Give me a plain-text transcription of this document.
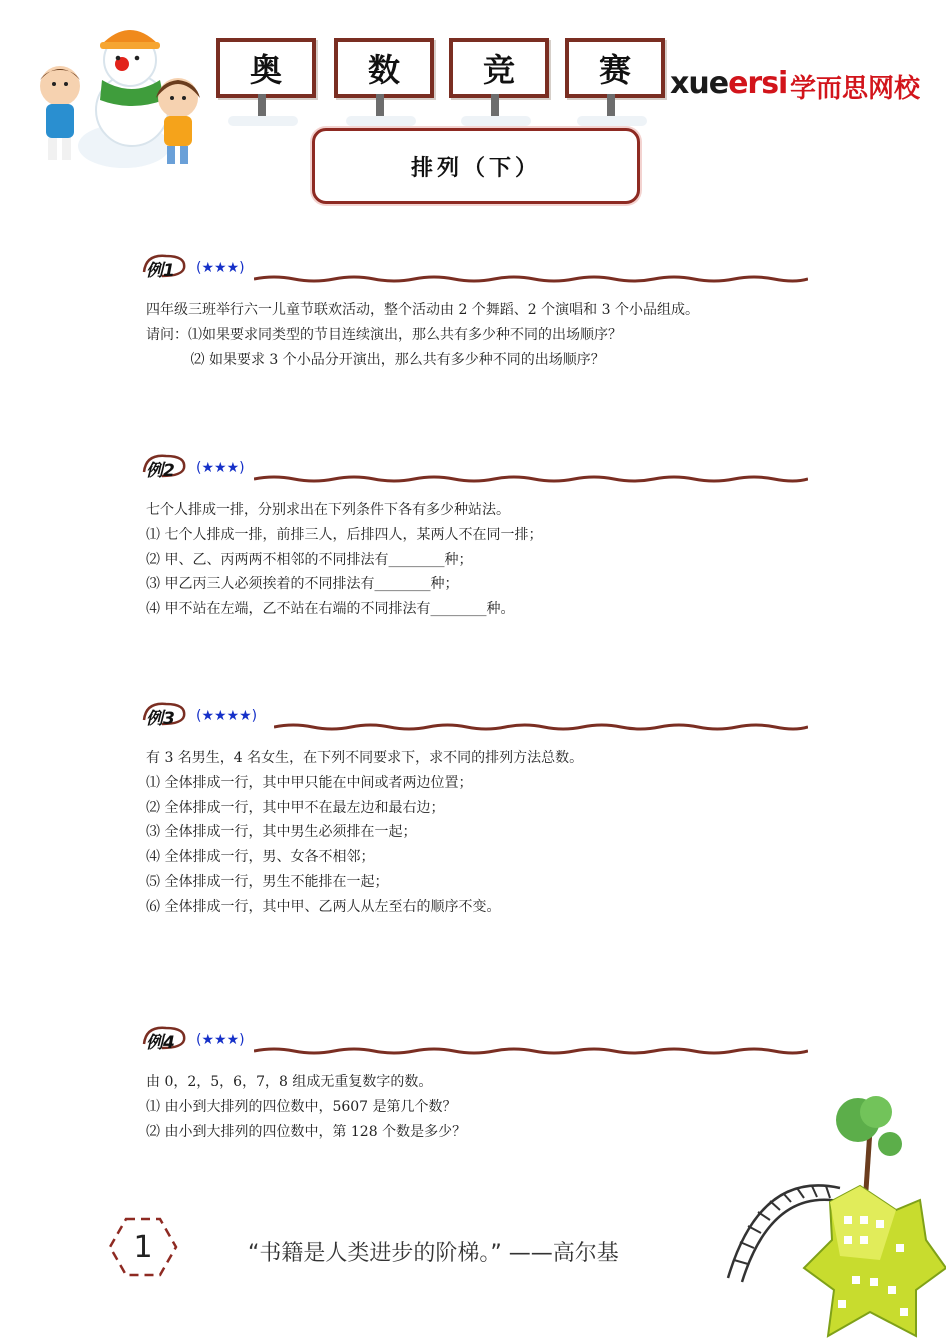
奥	数	竞	赛	xueersi 学而思网校
排列（下）
例1 (★★★)

四年级三班举行六一儿童节联欢活动，整个活动由 2 个舞蹈、2 个演唱和 3 个小品组成。

请问：⑴如果要求同类型的节目连续演出，那么共有多少种不同的出场顺序？

⑵ 如果要求 3 个小品分开演出，那么共有多少种不同的出场顺序？

例2 (★★★)

七个人排成一排，分别求出在下列条件下各有多少种站法。

⑴ 七个人排成一排，前排三人，后排四人，某两人不在同一排；

⑵ 甲、乙、丙两两不相邻的不同排法有________种；

⑶ 甲乙丙三人必须挨着的不同排法有________种；

⑷ 甲不站在左端，乙不站在右端的不同排法有________种。

例3 (★★★★)

有 3 名男生，4 名女生，在下列不同要求下，求不同的排列方法总数。

⑴ 全体排成一行，其中甲只能在中间或者两边位置；

⑵ 全体排成一行，其中甲不在最左边和最右边；

⑶ 全体排成一行，其中男生必须排在一起；

⑷ 全体排成一行，男、女各不相邻；

⑸ 全体排成一行，男生不能排在一起；

⑹ 全体排成一行，其中甲、乙两人从左至右的顺序不变。

例4 (★★★)

由 0，2，5，6，7，8 组成无重复数字的数。

⑴ 由小到大排列的四位数中，5607 是第几个数？

⑵ 由小到大排列的四位数中，第 128 个数是多少？

1	“书籍是人类进步的阶梯。” ——高尔基
